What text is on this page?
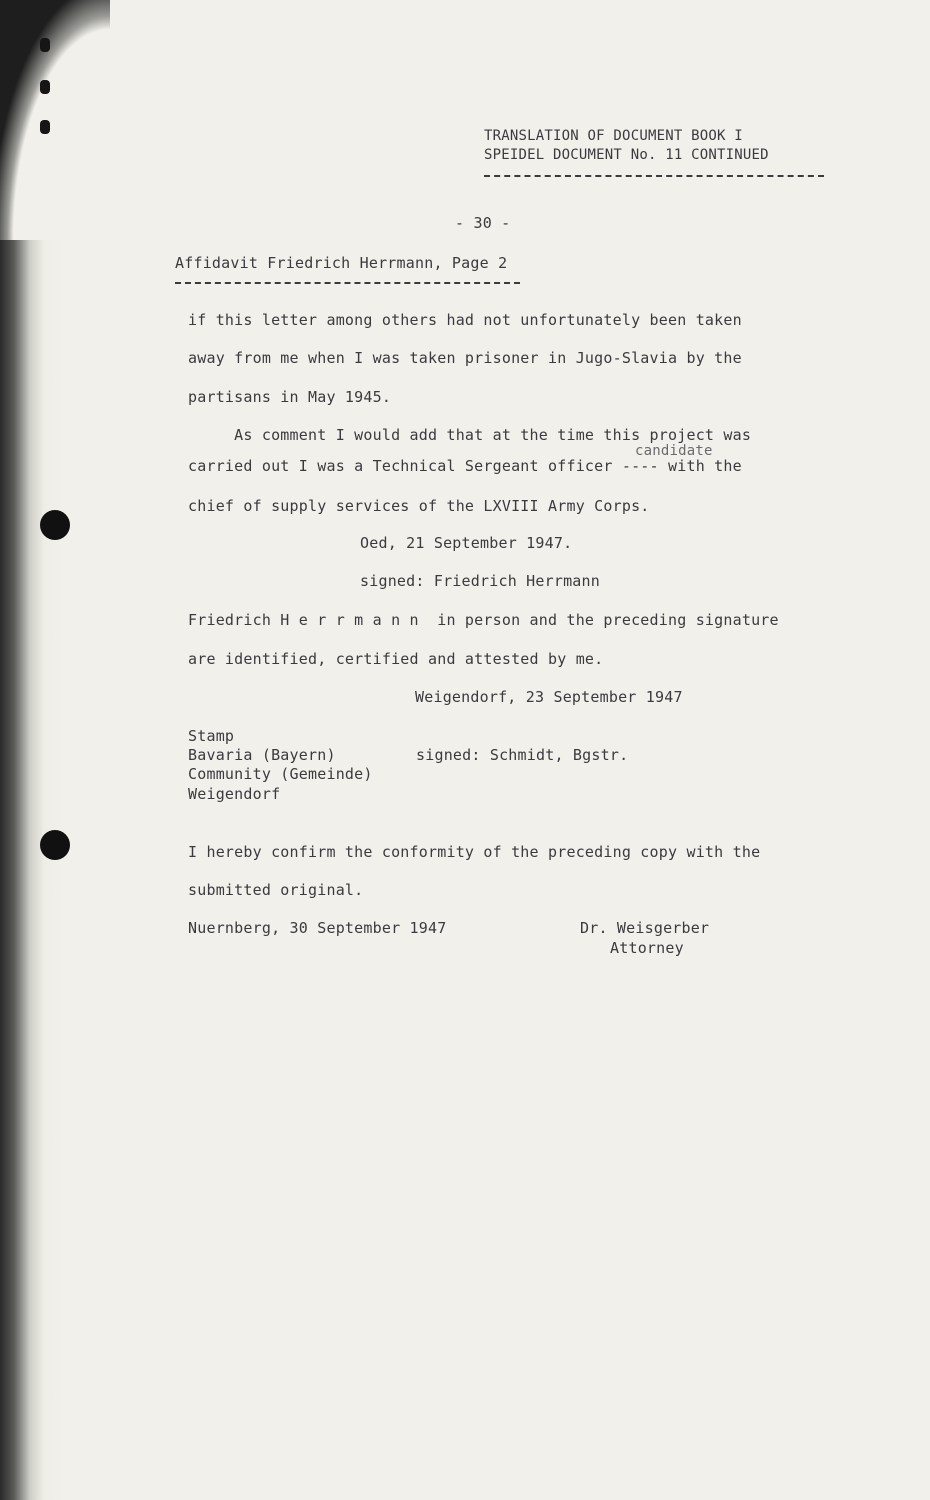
TRANSLATION OF DOCUMENT BOOK I
SPEIDEL DOCUMENT No. 11 CONTINUED
- 30 -
Affidavit Friedrich Herrmann, Page 2
if this letter among others had not unfortunately been taken
away from me when I was taken prisoner in Jugo-Slavia by the
partisans in May 1945.
As comment I would add that at the time this project was
candidate
carried out I was a Technical Sergeant officer ---- with the
chief of supply services of the LXVIII Army Corps.
Oed, 21 September 1947.
signed: Friedrich Herrmann
Friedrich H e r r m a n n  in person and the preceding signature
are identified, certified and attested by me.
Weigendorf, 23 September 1947
Stamp
Bavaria (Bayern)
Community (Gemeinde)
Weigendorf
signed: Schmidt, Bgstr.
I hereby confirm the conformity of the preceding copy with the
submitted original.
Nuernberg, 30 September 1947	Dr. Weisgerber
Attorney
